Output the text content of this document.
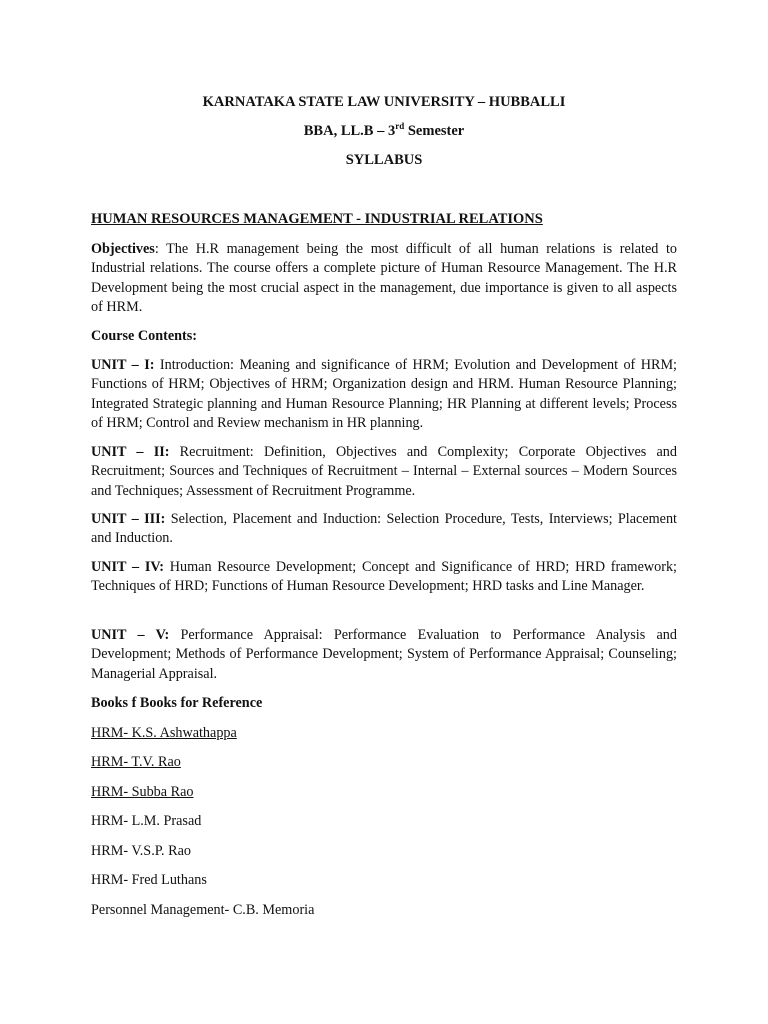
KARNATAKA STATE LAW UNIVERSITY – HUBBALLI
BBA, LL.B – 3rd Semester
SYLLABUS
HUMAN RESOURCES MANAGEMENT - INDUSTRIAL RELATIONS
Objectives: The H.R management being the most difficult of all human relations is related to Industrial relations. The course offers a complete picture of Human Resource Management. The H.R Development being the most crucial aspect in the management, due importance is given to all aspects of HRM.
Course Contents:
UNIT – I: Introduction: Meaning and significance of HRM; Evolution and Development of HRM; Functions of HRM; Objectives of HRM; Organization design and HRM. Human Resource Planning; Integrated Strategic planning and Human Resource Planning; HR Planning at different levels; Process of HRM; Control and Review mechanism in HR planning.
UNIT – II: Recruitment: Definition, Objectives and Complexity; Corporate Objectives and Recruitment; Sources and Techniques of Recruitment – Internal – External sources – Modern Sources and Techniques; Assessment of Recruitment Programme.
UNIT – III: Selection, Placement and Induction: Selection Procedure, Tests, Interviews; Placement and Induction.
UNIT – IV: Human Resource Development; Concept and Significance of HRD; HRD framework; Techniques of HRD; Functions of Human Resource Development; HRD tasks and Line Manager.
UNIT – V: Performance Appraisal: Performance Evaluation to Performance Analysis and Development; Methods of Performance Development; System of Performance Appraisal; Counseling; Managerial Appraisal.
Books f Books for Reference
HRM- K.S. Ashwathappa
HRM- T.V. Rao
HRM- Subba Rao
HRM- L.M. Prasad
HRM- V.S.P. Rao
HRM- Fred Luthans
Personnel Management- C.B. Memoria
